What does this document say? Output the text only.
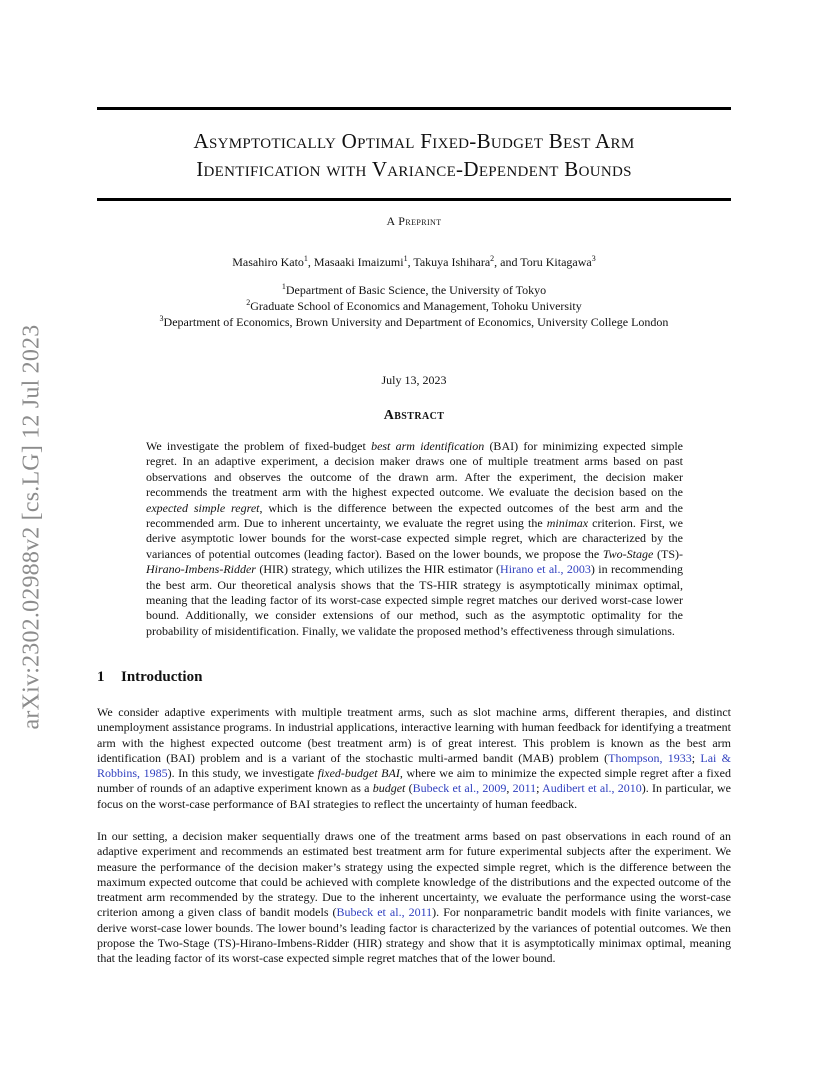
arXiv:2302.02988v2 [cs.LG] 12 Jul 2023
Asymptotically Optimal Fixed-Budget Best Arm
Identification with Variance-Dependent Bounds
A Preprint
Masahiro Kato$^1$, Masaaki Imaizumi$^1$, Takuya Ishihara$^2$, and Toru Kitagawa$^3$
$^1$Department of Basic Science, the University of Tokyo
$^2$Graduate School of Economics and Management, Tohoku University
$^3$Department of Economics, Brown University and Department of Economics, University College London
July 13, 2023
Abstract
We investigate the problem of fixed-budget best arm identification (BAI) for minimizing expected simple regret. In an adaptive experiment, a decision maker draws one of multiple treatment arms based on past observations and observes the outcome of the drawn arm. After the experiment, the decision maker recommends the treatment arm with the highest expected outcome. We evaluate the decision based on the expected simple regret, which is the difference between the expected outcomes of the best arm and the recommended arm. Due to inherent uncertainty, we evaluate the regret using the minimax criterion. First, we derive asymptotic lower bounds for the worst-case expected simple regret, which are characterized by the variances of potential outcomes (leading factor). Based on the lower bounds, we propose the Two-Stage (TS)-Hirano-Imbens-Ridder (HIR) strategy, which utilizes the HIR estimator (Hirano et al., 2003) in recommending the best arm. Our theoretical analysis shows that the TS-HIR strategy is asymptotically minimax optimal, meaning that the leading factor of its worst-case expected simple regret matches our derived worst-case lower bound. Additionally, we consider extensions of our method, such as the asymptotic optimality for the probability of misidentification. Finally, we validate the proposed method’s effectiveness through simulations.
1 Introduction
We consider adaptive experiments with multiple treatment arms, such as slot machine arms, different therapies, and distinct unemployment assistance programs. In industrial applications, interactive learning with human feedback for identifying a treatment arm with the highest expected outcome (best treatment arm) is of great interest. This problem is known as the best arm identification (BAI) problem and is a variant of the stochastic multi-armed bandit (MAB) problem (Thompson, 1933; Lai & Robbins, 1985). In this study, we investigate fixed-budget BAI, where we aim to minimize the expected simple regret after a fixed number of rounds of an adaptive experiment known as a budget (Bubeck et al., 2009, 2011; Audibert et al., 2010). In particular, we focus on the worst-case performance of BAI strategies to reflect the uncertainty of human feedback.
In our setting, a decision maker sequentially draws one of the treatment arms based on past observations in each round of an adaptive experiment and recommends an estimated best treatment arm for future experimental subjects after the experiment. We measure the performance of the decision maker’s strategy using the expected simple regret, which is the difference between the maximum expected outcome that could be achieved with complete knowledge of the distributions and the expected outcome of the treatment arm recommended by the strategy. Due to the inherent uncertainty, we evaluate the performance using the worst-case criterion among a given class of bandit models (Bubeck et al., 2011). For nonparametric bandit models with finite variances, we derive worst-case lower bounds. The lower bound’s leading factor is characterized by the variances of potential outcomes. We then propose the Two-Stage (TS)-Hirano-Imbens-Ridder (HIR) strategy and show that it is asymptotically minimax optimal, meaning that the leading factor of its worst-case expected simple regret matches that of the lower bound.
